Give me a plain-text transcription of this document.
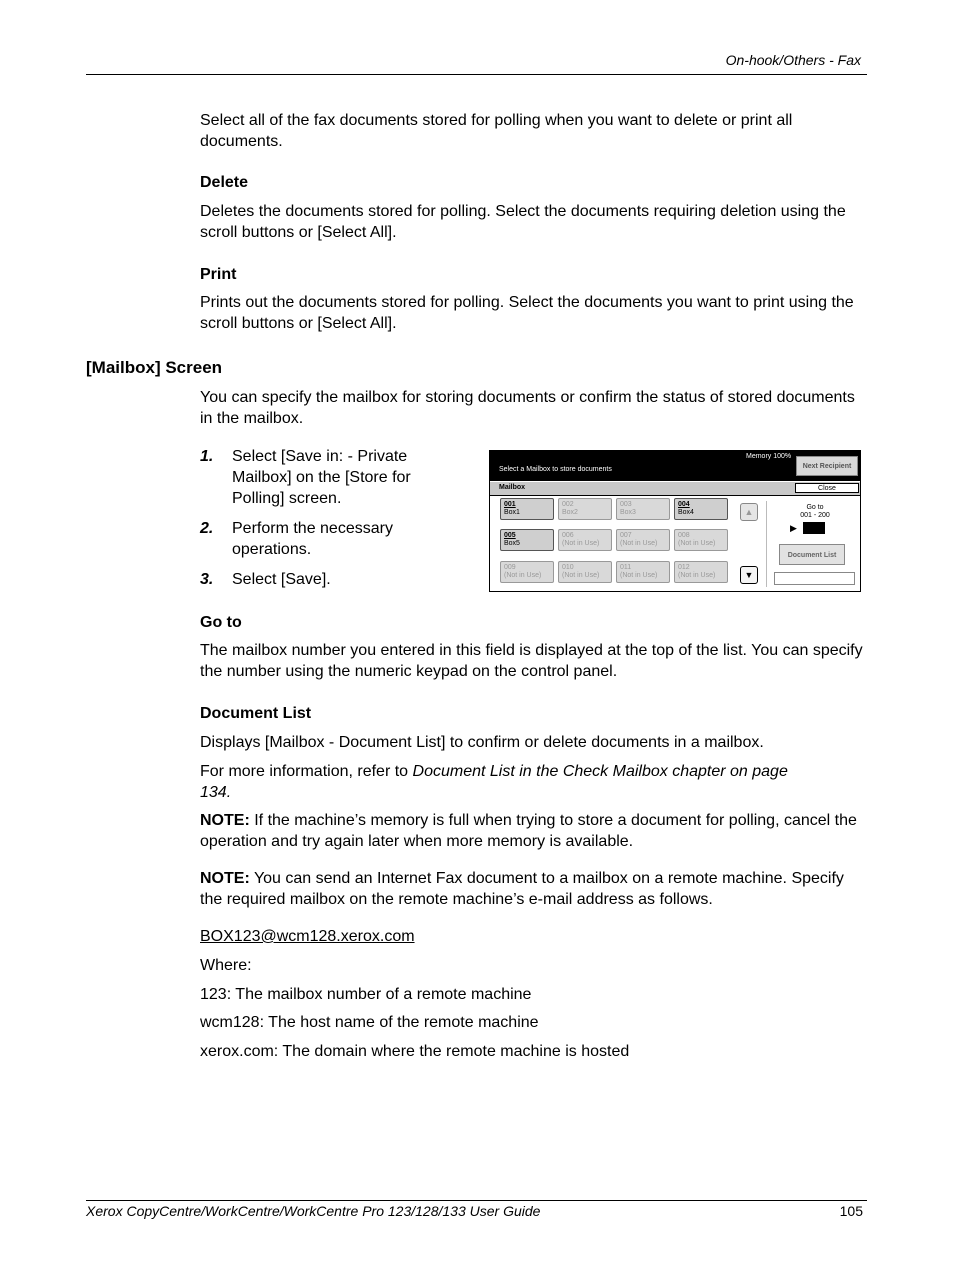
On-hook/Others - Fax

Select all of the fax documents stored for polling when you want to delete or print all documents.

Delete

Deletes the documents stored for polling. Select the documents requiring deletion using the scroll buttons or [Select All].

Print

Prints out the documents stored for polling. Select the documents you want to print using the scroll buttons or [Select All].

[Mailbox] Screen

You can specify the mailbox for storing documents or confirm the status of stored documents in the mailbox.

1. Select [Save in: - Private Mailbox] on the [Store for Polling] screen.
2. Perform the necessary operations.
3. Select [Save].
Select a Mailbox to store documents
Memory 100%
Next Recipient
Mailbox	Close
001
Box1
002
Box2
003
Box3
004
Box4
005
Box5
006
(Not in Use)
007
(Not in Use)
008
(Not in Use)
009
(Not in Use)
010
(Not in Use)
011
(Not in Use)
012
(Not in Use)
▲
▼
Go to
001 - 200
▶
Document List

Go to

The mailbox number you entered in this field is displayed at the top of the list. You can specify the number using the numeric keypad on the control panel.

Document List

Displays [Mailbox - Document List] to confirm or delete documents in a mailbox.

For more information, refer to Document List in the Check Mailbox chapter on page 134.

NOTE: If the machine’s memory is full when trying to store a document for polling, cancel the operation and try again later when more memory is available.

NOTE: You can send an Internet Fax document to a mailbox on a remote machine. Specify the required mailbox on the remote machine’s e-mail address as follows.

BOX123@wcm128.xerox.com

Where:

123: The mailbox number of a remote machine

wcm128: The host name of the remote machine

xerox.com: The domain where the remote machine is hosted

Xerox CopyCentre/WorkCentre/WorkCentre Pro 123/128/133 User Guide	105
